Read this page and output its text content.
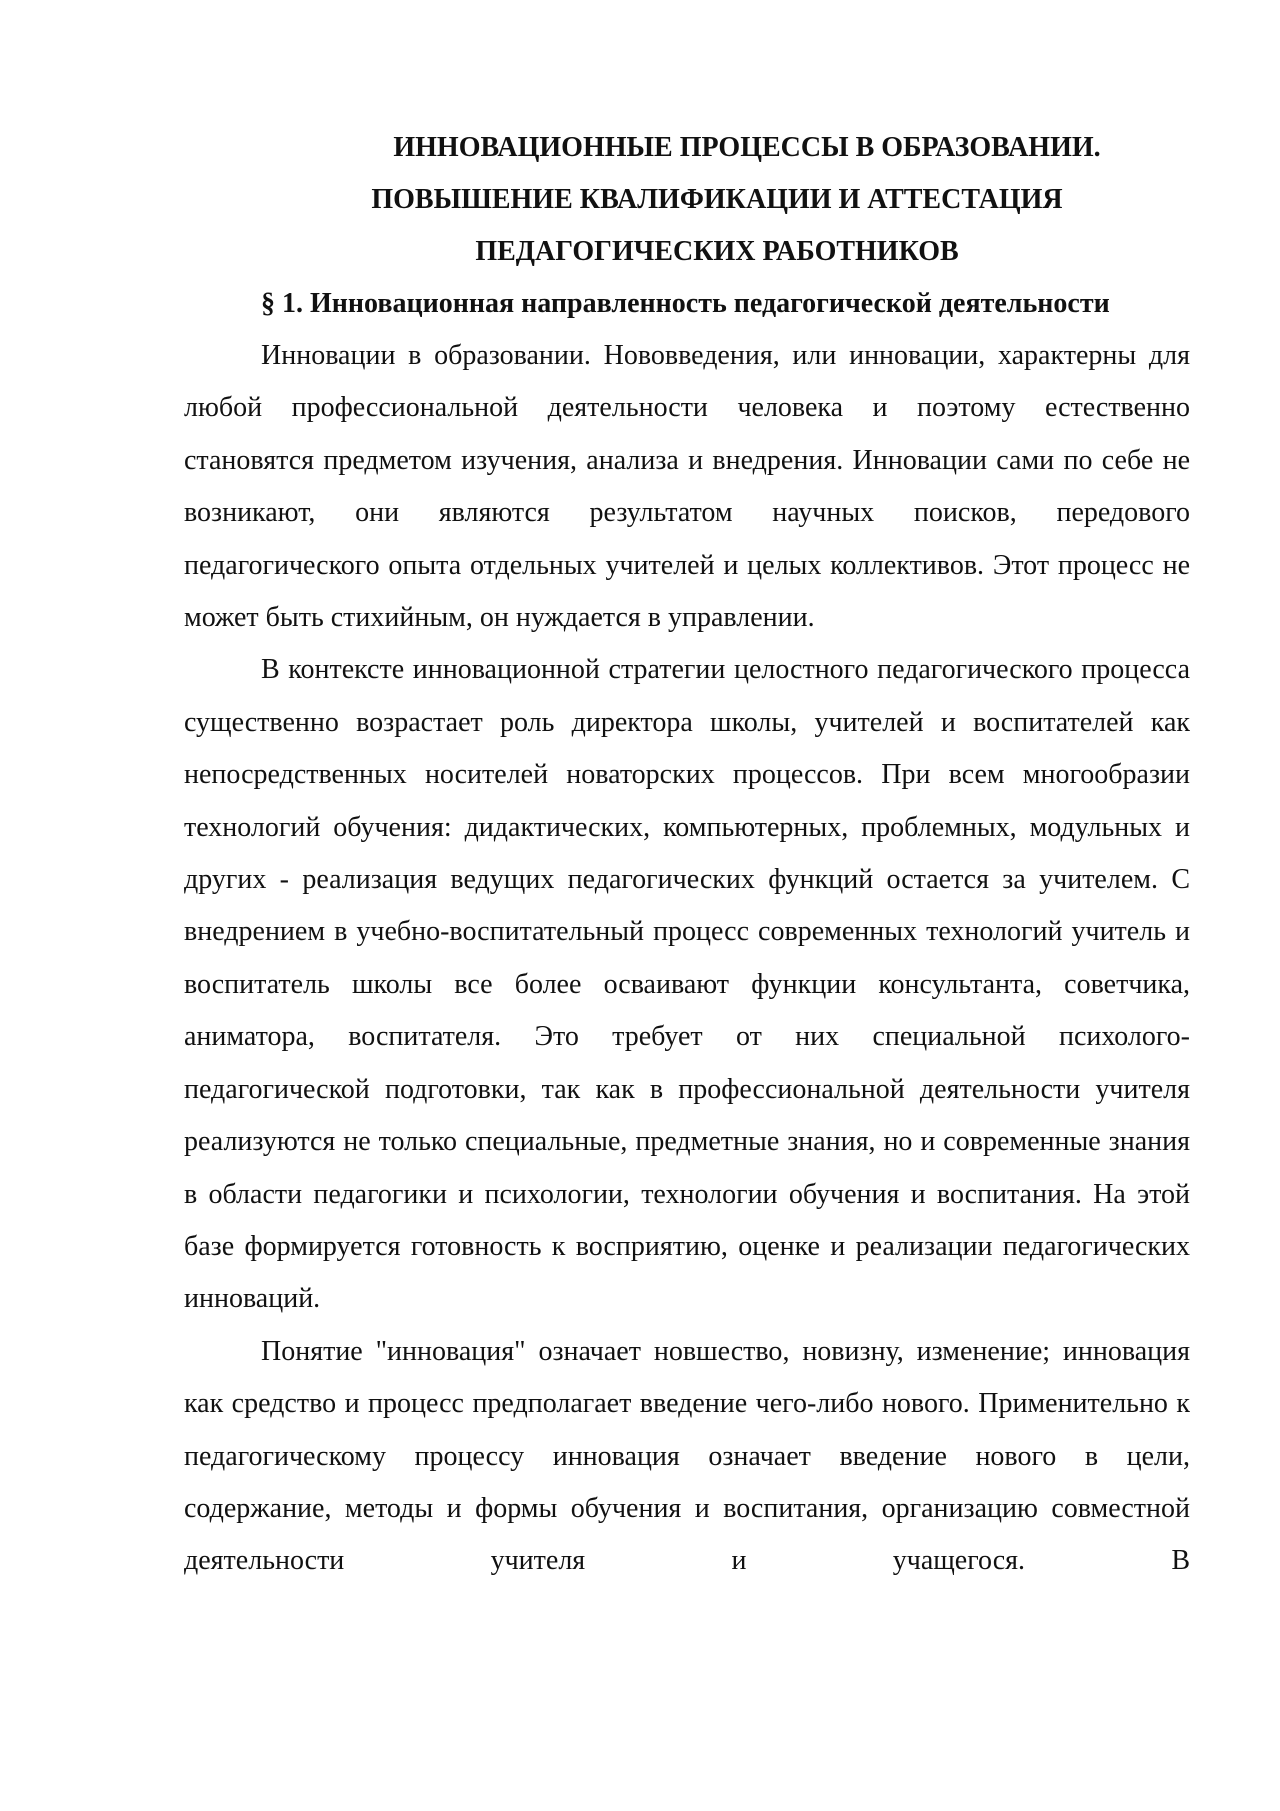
ИННОВАЦИОННЫЕ ПРОЦЕССЫ В ОБРАЗОВАНИИ.
ПОВЫШЕНИЕ КВАЛИФИКАЦИИ И АТТЕСТАЦИЯ
ПЕДАГОГИЧЕСКИХ РАБОТНИКОВ
§ 1. Инновационная направленность педагогической деятельности

Инновации в образовании. Нововведения, или инновации, характерны для любой профессиональной деятельности человека и поэтому естественно становятся предметом изучения, анализа и внедрения. Инновации сами по себе не возникают, они являются результатом научных поисков, передового педагогического опыта отдельных учителей и целых коллективов. Этот процесс не может быть стихийным, он нуждается в управлении.

В контексте инновационной стратегии целостного педагогического процесса существенно возрастает роль директора школы, учителей и воспитателей как непосредственных носителей новаторских процессов. При всем многообразии технологий обучения: дидактических, компьютерных, проблемных, модульных и других - реализация ведущих педагогических функций остается за учителем. С внедрением в учебно-воспитательный процесс современных технологий учитель и воспитатель школы все более осваивают функции консультанта, советчика, аниматора, воспитателя. Это требует от них специальной психолого-педагогической подготовки, так как в профессиональной деятельности учителя реализуются не только специальные, предметные знания, но и современные знания в области педагогики и психологии, технологии обучения и воспитания. На этой базе формируется готовность к восприятию, оценке и реализации педагогических инноваций.

Понятие "инновация" означает новшество, новизну, изменение; инновация как средство и процесс предполагает введение чего-либо нового. Применительно к педагогическому процессу инновация означает введение нового в цели, содержание, методы и формы обучения и воспитания, организацию совместной деятельности учителя и учащегося. В
